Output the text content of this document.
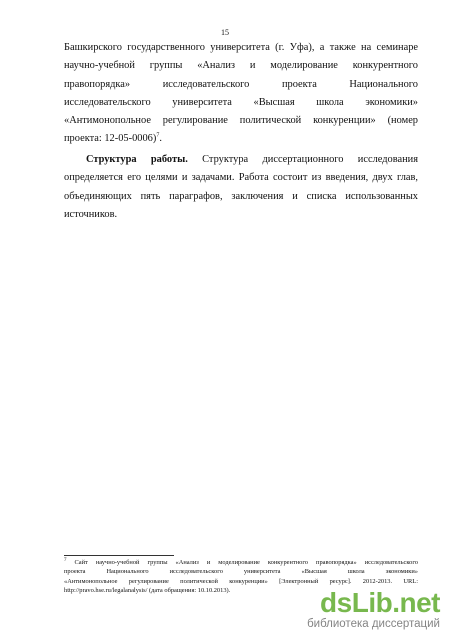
15
Башкирского государственного университета (г. Уфа), а также на семинаре
научно-учебной группы «Анализ и моделирование конкурентного
правопорядка» исследовательского проекта Национального
исследовательского университета «Высшая школа экономики»
«Антимонопольное регулирование политической конкуренции» (номер
проекта: 12-05-0006)$^7$.
Структура работы. Структура диссертационного исследования
определяется его целями и задачами. Работа состоит из введения, двух глав,
объединяющих пять параграфов, заключения и списка использованных
источников.
$^7$ Сайт научно-учебной группы «Анализ и моделирование конкурентного правопорядка» исследовательского
проекта Национального исследовательского университета «Высшая школа экономики»
«Антимонопольное регулирование политической конкуренции» [Электронный ресурс]. 2012-2013. URL:
http://pravo.hse.ru/legalanalysis/ (дата обращения: 10.10.2013).	dsLib.net
библиотека диссертаций
